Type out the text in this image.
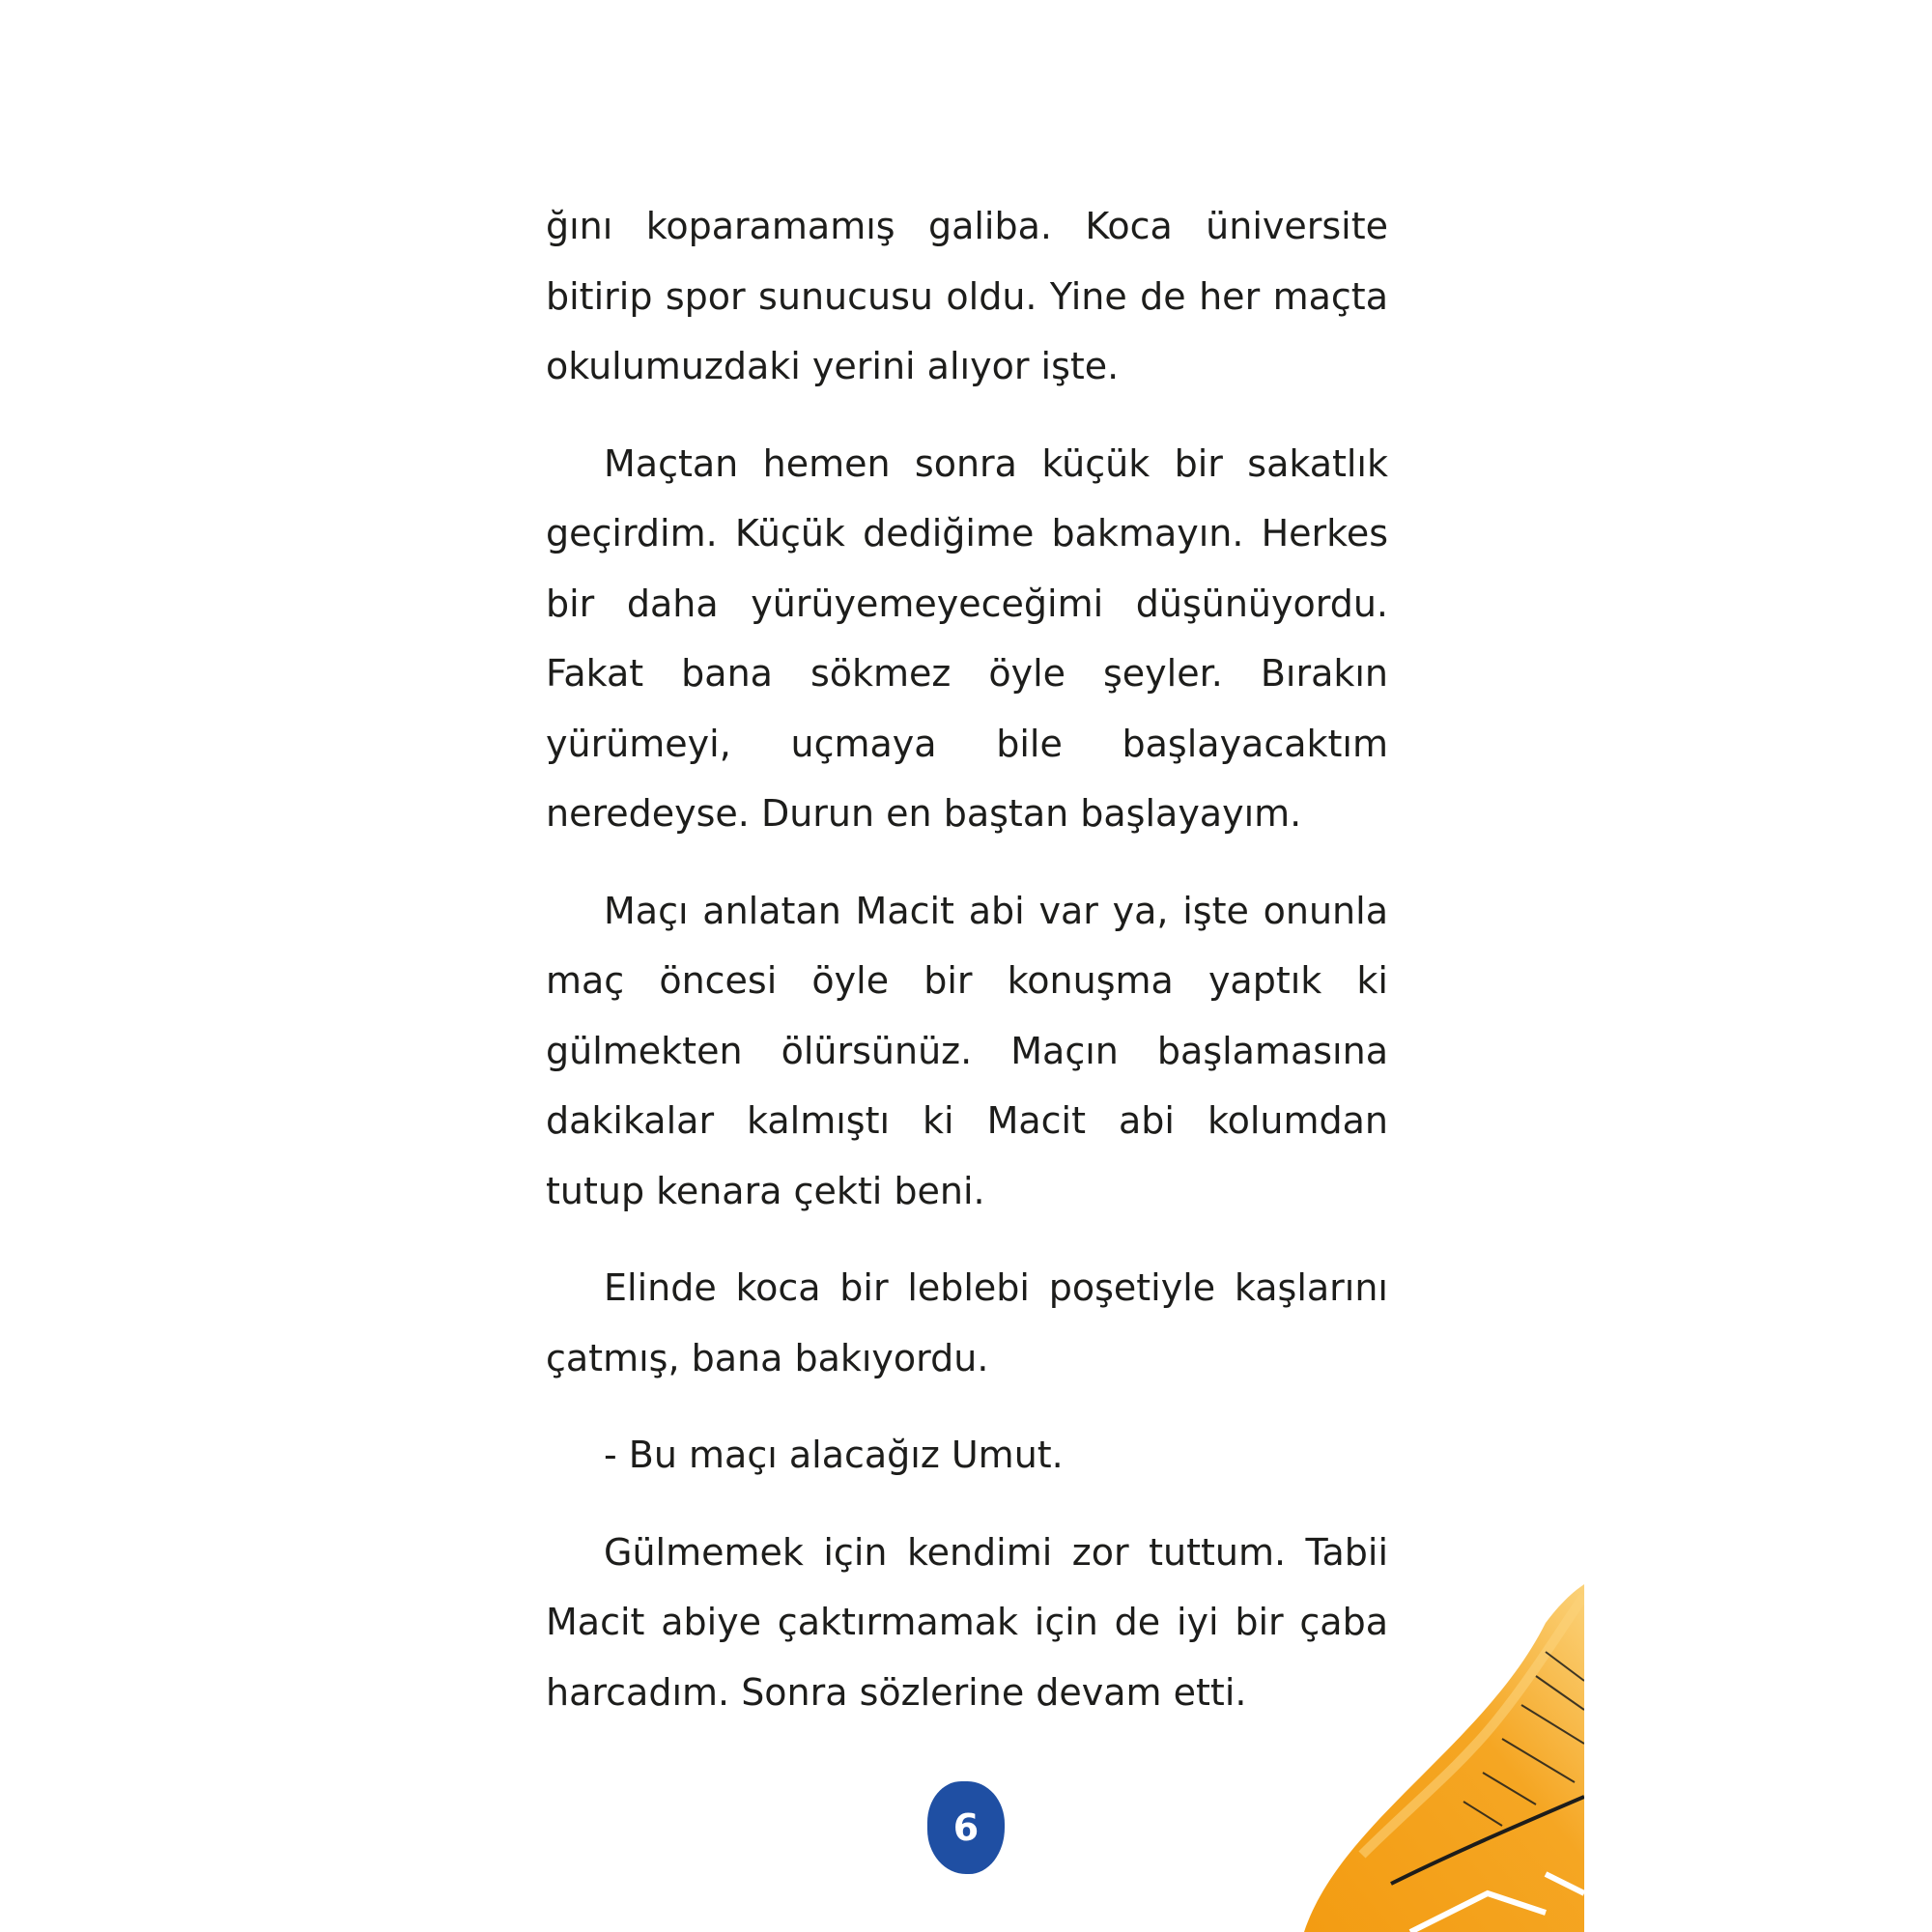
ğını koparamamış galiba. Koca üniversite bitirip spor sunucusu oldu. Yine de her maçta okulumuzdaki yerini alıyor işte.

Maçtan hemen sonra küçük bir sakatlık geçirdim. Küçük dediğime bakmayın. Herkes bir daha yürüyemeyeceğimi düşünüyordu. Fakat bana sökmez öyle şeyler. Bırakın yürümeyi, uçmaya bile başlayacaktım neredeyse. Durun en baştan başlayayım.

Maçı anlatan Macit abi var ya, işte onunla maç öncesi öyle bir konuşma yaptık ki gülmekten ölürsünüz. Maçın başlamasına dakikalar kalmıştı ki Macit abi kolumdan tutup kenara çekti beni.

Elinde koca bir leblebi poşetiyle kaşlarını çatmış, bana bakıyordu.

- Bu maçı alacağız Umut.

Gülmemek için kendimi zor tuttum. Tabii Macit abiye çaktırmamak için de iyi bir çaba harcadım. Sonra sözlerine devam etti.

6
